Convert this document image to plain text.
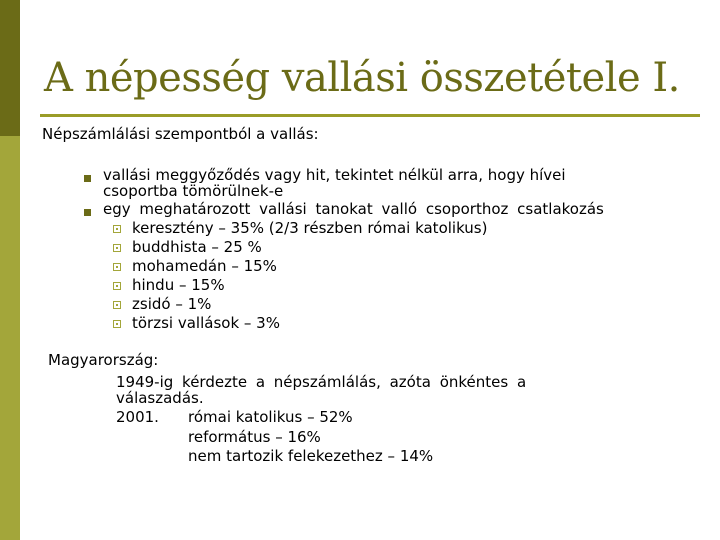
A népesség vallási összetétele I.
Népszámlálási szempontból a vallás:
vallási meggyőződés vagy hit, tekintet nélkül arra, hogy hívei
csoportba tömörülnek-e
egy meghatározott vallási tanokat valló csoporthoz csatlakozás
keresztény – 35% (2/3 részben római katolikus)
buddhista – 25 %
mohamedán – 15%
hindu – 15%
zsidó – 1%
törzsi vallások – 3%
Magyarország:
1949-ig kérdezte a népszámlálás, azóta önkéntes a
válaszadás.
2001. római katolikus – 52%
református – 16%
nem tartozik felekezethez – 14%
